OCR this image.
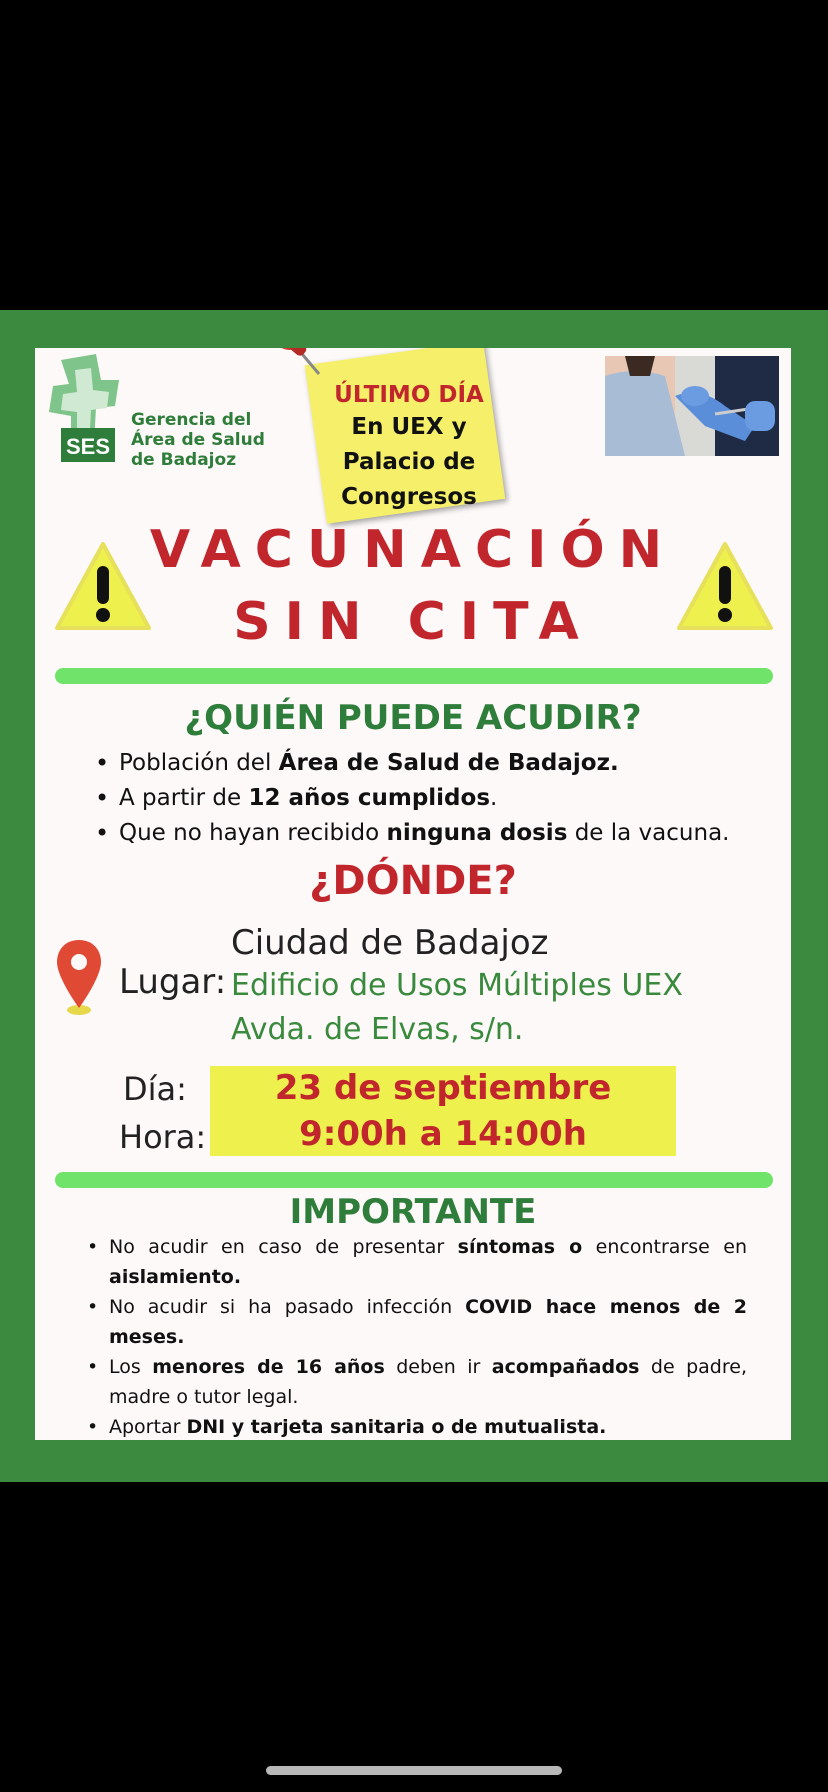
SES
Gerencia del
Área de Salud
de Badajoz
ÚLTIMO DÍA
En UEX y
Palacio de
Congresos
VACUNACIÓN
SIN CITA
¿QUIÉN PUEDE ACUDIR?
• Población del Área de Salud de Badajoz.
• A partir de 12 años cumplidos.
• Que no hayan recibido ninguna dosis de la vacuna.
¿DÓNDE?
Lugar:
Ciudad de Badajoz
Edificio de Usos Múltiples UEX
Avda. de Elvas, s/n.
Día:
Hora:
23 de septiembre
9:00h a 14:00h
IMPORTANTE
• No acudir en caso de presentar síntomas o encontrarse en aislamiento.
• No acudir si ha pasado infección COVID hace menos de 2 meses.
• Los menores de 16 años deben ir acompañados de padre, madre o tutor legal.
• Aportar DNI y tarjeta sanitaria o de mutualista.
